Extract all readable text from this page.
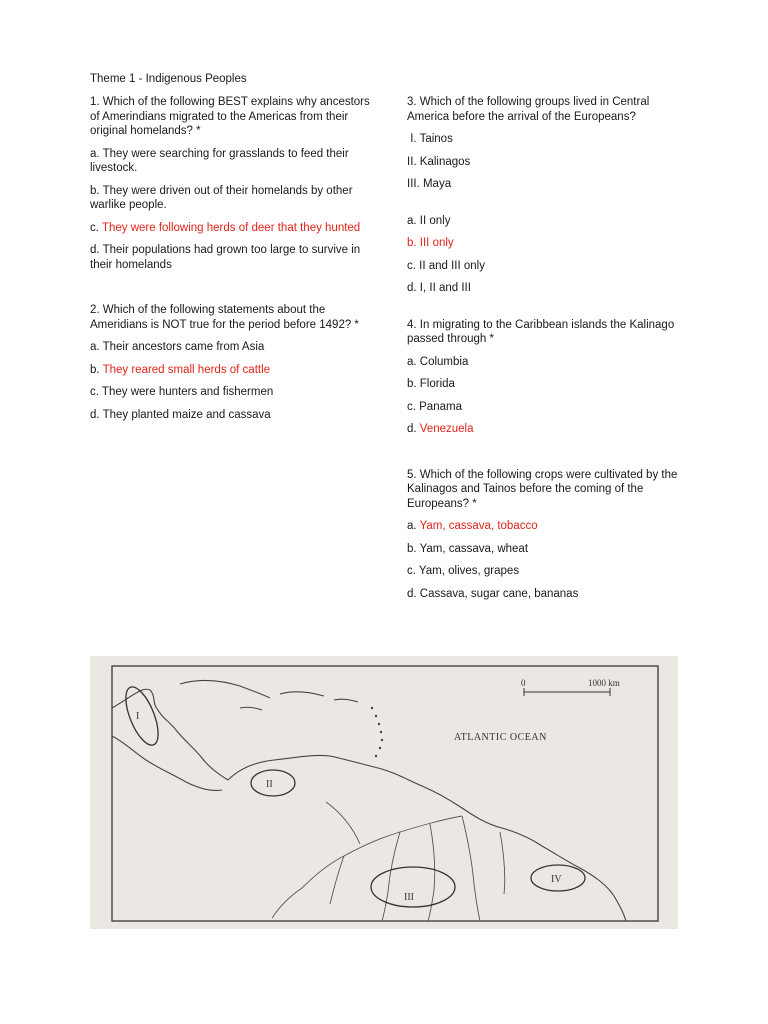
Theme 1 - Indigenous Peoples
1. Which of the following BEST explains why ancestors of Amerindians migrated to the Americas from their original homelands? *
a. They were searching for grasslands to feed their livestock.
b. They were driven out of their homelands by other warlike people.
c. They were following herds of deer that they hunted
d. Their populations had grown too large to survive in their homelands
2. Which of the following statements about the Ameridians is NOT true for the period before 1492? *
a. Their ancestors came from Asia
b. They reared small herds of cattle
c. They were hunters and fishermen
d. They planted maize and cassava
3. Which of the following groups lived in Central America before the arrival of the Europeans?
I. Tainos
II. Kalinagos
III. Maya
a. II only
b. III only
c. II and III only
d. I, II and III
4. In migrating to the Caribbean islands the Kalinago passed through *
a. Columbia
b. Florida
c. Panama
d. Venezuela
5. Which of the following crops were cultivated by the Kalinagos and Tainos before the coming of the Europeans? *
a. Yam, cassava, tobacco
b. Yam, cassava, wheat
c. Yam, olives, grapes
d. Cassava, sugar cane, bananas
0	1000 km
ATLANTIC OCEAN
I
II
III
IV
